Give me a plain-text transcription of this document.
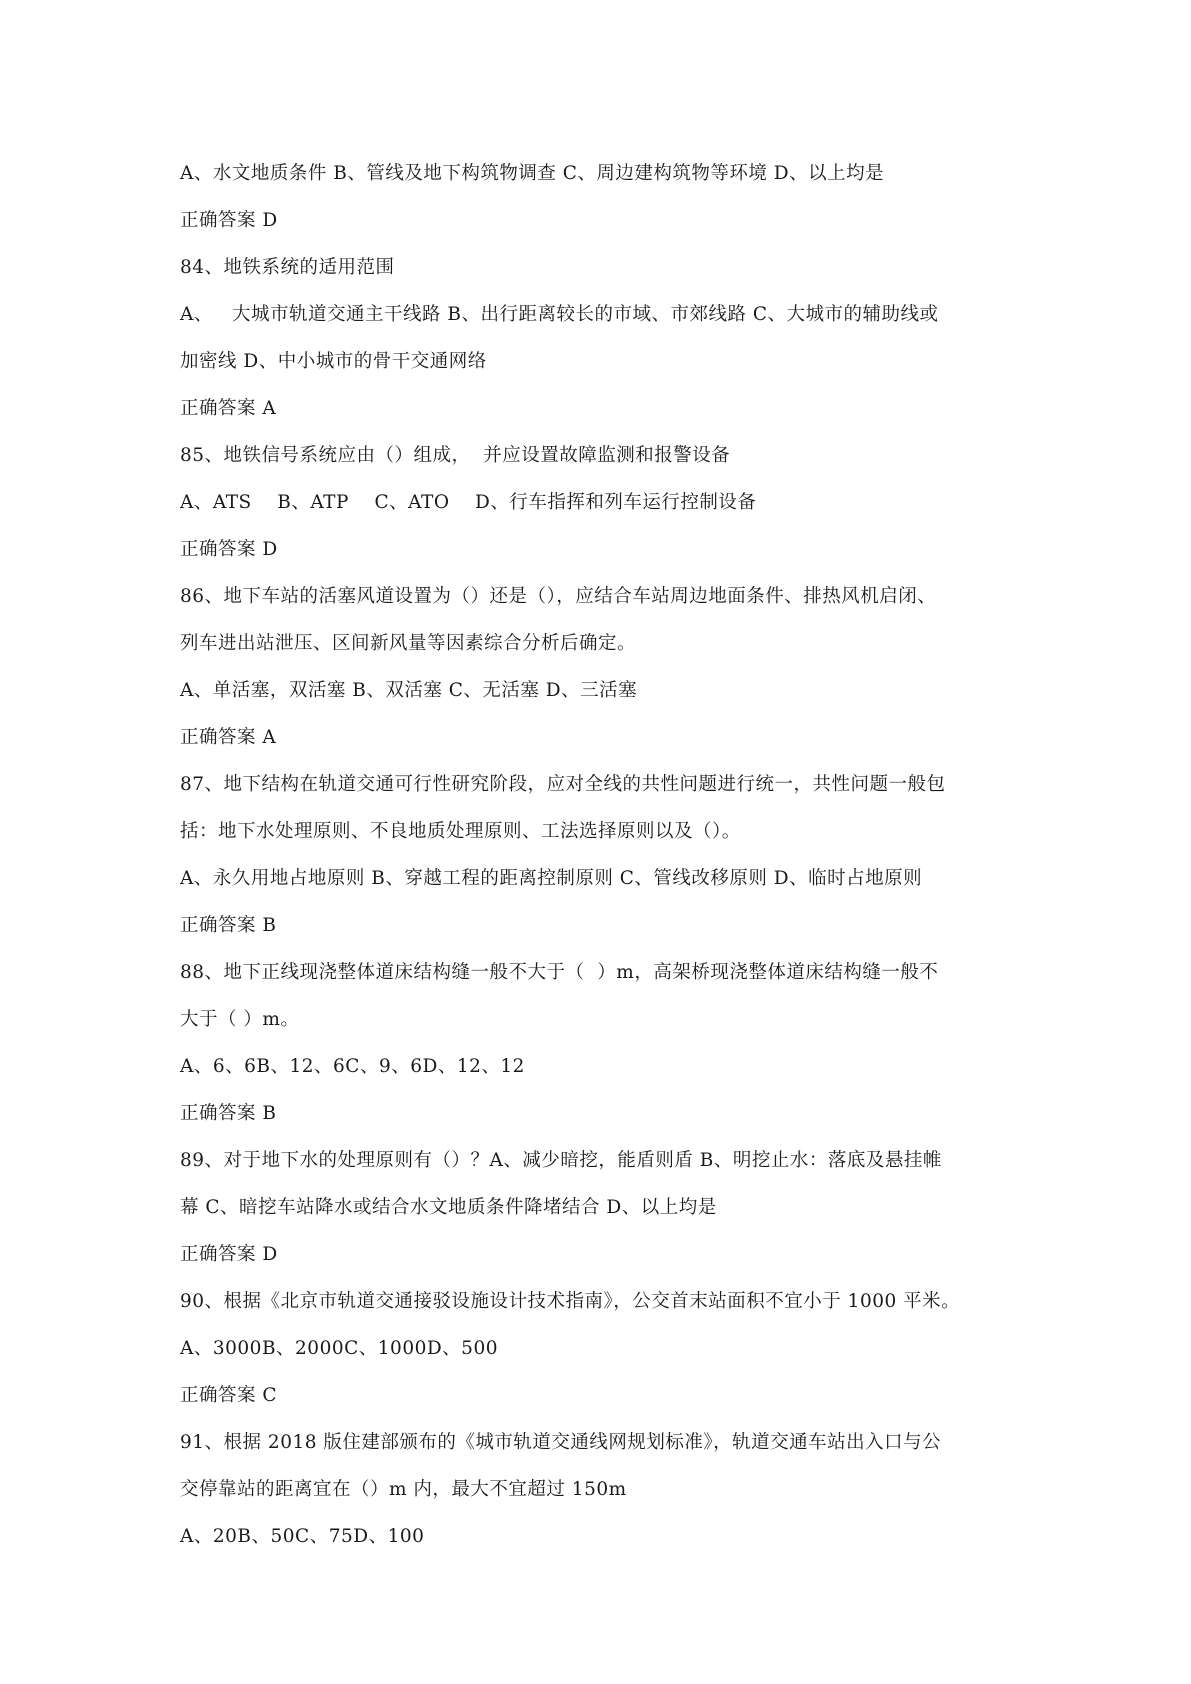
A、水文地质条件 B、管线及地下构筑物调查 C、周边建构筑物等环境 D、以上均是
正确答案 D
84、地铁系统的适用范围
A、   大城市轨道交通主干线路 B、出行距离较长的市域、市郊线路 C、大城市的辅助线或
加密线 D、中小城市的骨干交通网络
正确答案 A
85、地铁信号系统应由（）组成，  并应设置故障监测和报警设备
A、ATS    B、ATP    C、ATO    D、行车指挥和列车运行控制设备
正确答案 D
86、地下车站的活塞风道设置为（）还是（），应结合车站周边地面条件、排热风机启闭、
列车进出站泄压、区间新风量等因素综合分析后确定。
A、单活塞，双活塞 B、双活塞 C、无活塞 D、三活塞
正确答案 A
87、地下结构在轨道交通可行性研究阶段，应对全线的共性问题进行统一，共性问题一般包
括：地下水处理原则、不良地质处理原则、工法选择原则以及（）。
A、永久用地占地原则 B、穿越工程的距离控制原则 C、管线改移原则 D、临时占地原则
正确答案 B
88、地下正线现浇整体道床结构缝一般不大于（  ）m，高架桥现浇整体道床结构缝一般不
大于（ ）m。
A、6、6B、12、6C、9、6D、12、12
正确答案 B
89、对于地下水的处理原则有（）？A、减少暗挖，能盾则盾 B、明挖止水：落底及悬挂帷
幕 C、暗挖车站降水或结合水文地质条件降堵结合 D、以上均是
正确答案 D
90、根据《北京市轨道交通接驳设施设计技术指南》，公交首末站面积不宜小于 1000 平米。
A、3000B、2000C、1000D、500
正确答案 C
91、根据 2018 版住建部颁布的《城市轨道交通线网规划标准》，轨道交通车站出入口与公
交停靠站的距离宜在（）m 内，最大不宜超过 150m
A、20B、50C、75D、100
